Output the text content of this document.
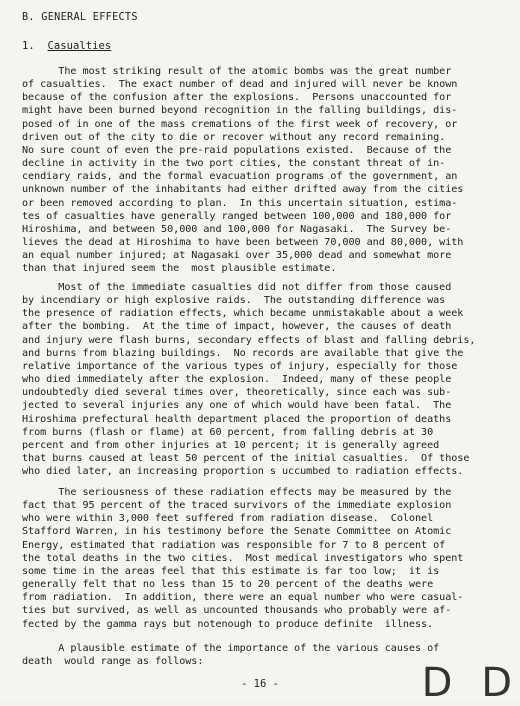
B. GENERAL EFFECTS
1. Casualties

The most striking result of the atomic bombs was the great number
of casualties.  The exact number of dead and injured will never be known
because of the confusion after the explosions.  Persons unaccounted for
might have been burned beyond recognition in the falling buildings, dis-
posed of in one of the mass cremations of the first week of recovery, or
driven out of the city to die or recover without any record remaining.
No sure count of even the pre-raid populations existed.  Because of the
decline in activity in the two port cities, the constant threat of in-
cendiary raids, and the formal evacuation programs of the government, an
unknown number of the inhabitants had either drifted away from the cities
or been removed according to plan.  In this uncertain situation, estima-
tes of casualties have generally ranged between 100,000 and 180,000 for
Hiroshima, and between 50,000 and 100,000 for Nagasaki.  The Survey be-
lieves the dead at Hiroshima to have been between 70,000 and 80,000, with
an equal number injured; at Nagasaki over 35,000 dead and somewhat more
than that injured seem the  most plausible estimate.

Most of the immediate casualties did not differ from those caused
by incendiary or high explosive raids.  The outstanding difference was
the presence of radiation effects, which became unmistakable about a week
after the bombing.  At the time of impact, however, the causes of death
and injury were flash burns, secondary effects of blast and falling debris,
and burns from blazing buildings.  No records are available that give the
relative importance of the various types of injury, especially for those
who died immediately after the explosion.  Indeed, many of these people
undoubtedly died several times over, theoretically, since each was sub-
jected to several injuries any one of which would have been fatal.  The
Hiroshima prefectural health department placed the proportion of deaths
from burns (flash or flame) at 60 percent, from falling debris at 30
percent and from other injuries at 10 percent; it is generally agreed
that burns caused at least 50 percent of the initial casualties.  Of those
who died later, an increasing proportion s uccumbed to radiation effects.

The seriousness of these radiation effects may be measured by the
fact that 95 percent of the traced survivors of the immediate explosion
who were within 3,000 feet suffered from radiation disease.  Colonel
Stafford Warren, in his testimony before the Senate Committee on Atomic
Energy, estimated that radiation was responsible for 7 to 8 percent of
the total deaths in the two cities.  Most medical investigators who spent
some time in the areas feel that this estimate is far too low;  it is
generally felt that no less than 15 to 20 percent of the deaths were
from radiation.  In addition, there were an equal number who were casual-
ties but survived, as well as uncounted thousands who probably were af-
fected by the gamma rays but notenough to produce definite  illness.

A plausible estimate of the importance of the various causes of
death  would range as follows:

- 16 -	D D
